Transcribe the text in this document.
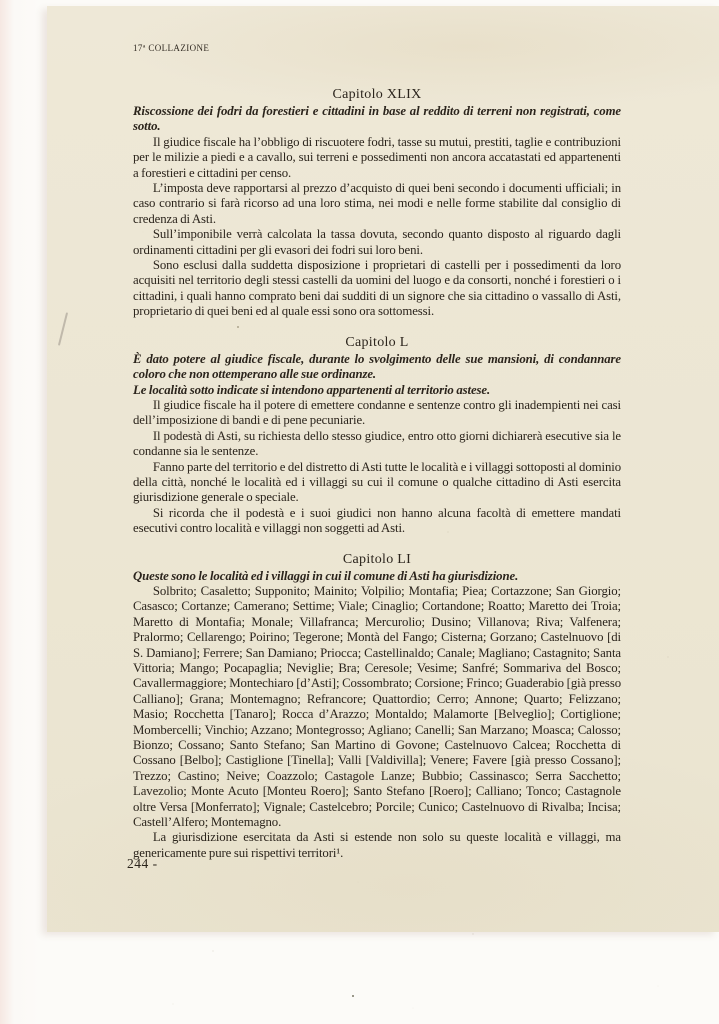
17ª COLLAZIONE
Capitolo XLIX

Riscossione dei fodri da forestieri e cittadini in base al reddito di terreni non registrati, come sotto.

Il giudice fiscale ha l’obbligo di riscuotere fodri, tasse su mutui, prestiti, taglie e contribuzioni per le milizie a piedi e a cavallo, sui terreni e possedimenti non ancora accatastati ed appartenenti a forestieri e cittadini per censo.

L’imposta deve rapportarsi al prezzo d’acquisto di quei beni secondo i documenti ufficiali; in caso contrario si farà ricorso ad una loro stima, nei modi e nelle forme stabilite dal consiglio di credenza di Asti.

Sull’imponibile verrà calcolata la tassa dovuta, secondo quanto disposto al riguardo dagli ordinamenti cittadini per gli evasori dei fodri sui loro beni.

Sono esclusi dalla suddetta disposizione i proprietari di castelli per i possedimenti da loro acquisiti nel territorio degli stessi castelli da uomini del luogo e da consorti, nonché i forestieri o i cittadini, i quali hanno comprato beni dai sudditi di un signore che sia cittadino o vassallo di Asti, proprietario di quei beni ed al quale essi sono ora sottomessi.

Capitolo L

È dato potere al giudice fiscale, durante lo svolgimento delle sue mansioni, di condannare coloro che non ottemperano alle sue ordinanze.

Le località sotto indicate si intendono appartenenti al territorio astese.

Il giudice fiscale ha il potere di emettere condanne e sentenze contro gli inadempienti nei casi dell’imposizione di bandi e di pene pecuniarie.

Il podestà di Asti, su richiesta dello stesso giudice, entro otto giorni dichiarerà esecutive sia le condanne sia le sentenze.

Fanno parte del territorio e del distretto di Asti tutte le località e i villaggi sottoposti al dominio della città, nonché le località ed i villaggi su cui il comune o qualche cittadino di Asti esercita giurisdizione generale o speciale.

Si ricorda che il podestà e i suoi giudici non hanno alcuna facoltà di emettere mandati esecutivi contro località e villaggi non soggetti ad Asti.

Capitolo LI

Queste sono le località ed i villaggi in cui il comune di Asti ha giurisdizione.

Solbrito; Casaletto; Supponito; Mainito; Volpilio; Montafia; Piea; Cortazzone; San Giorgio; Casasco; Cortanze; Camerano; Settime; Viale; Cinaglio; Cortandone; Roatto; Maretto dei Troia; Maretto di Montafia; Monale; Villafranca; Mercurolio; Dusino; Villanova; Riva; Valfenera; Pralormo; Cellarengo; Poirino; Tegerone; Montà del Fango; Cisterna; Gorzano; Castelnuovo [di S. Damiano]; Ferrere; San Damiano; Priocca; Castellinaldo; Canale; Magliano; Castagnito; Santa Vittoria; Mango; Pocapaglia; Neviglie; Bra; Ceresole; Vesime; Sanfré; Sommariva del Bosco; Cavallermaggiore; Montechiaro [d’Asti]; Cossombrato; Corsione; Frinco; Guaderabio [già presso Calliano]; Grana; Montemagno; Refrancore; Quattordio; Cerro; Annone; Quarto; Felizzano; Masio; Rocchetta [Tanaro]; Rocca d’Arazzo; Montaldo; Malamorte [Belveglio]; Cortiglione; Mombercelli; Vinchio; Azzano; Montegrosso; Agliano; Canelli; San Marzano; Moasca; Calosso; Bionzo; Cossano; Santo Stefano; San Martino di Govone; Castelnuovo Calcea; Rocchetta di Cossano [Belbo]; Castiglione [Tinella]; Valli [Valdivilla]; Venere; Favere [già presso Cossano]; Trezzo; Castino; Neive; Coazzolo; Castagole Lanze; Bubbio; Cassinasco; Serra Sacchetto; Lavezolio; Monte Acuto [Monteu Roero]; Santo Stefano [Roero]; Calliano; Tonco; Castagnole oltre Versa [Monferrato]; Vignale; Castelcebro; Porcile; Cunico; Castelnuovo di Rivalba; Incisa; Castell’Alfero; Montemagno.

La giurisdizione esercitata da Asti si estende non solo su queste località e villaggi, ma genericamente pure sui rispettivi territori¹.

244 -
